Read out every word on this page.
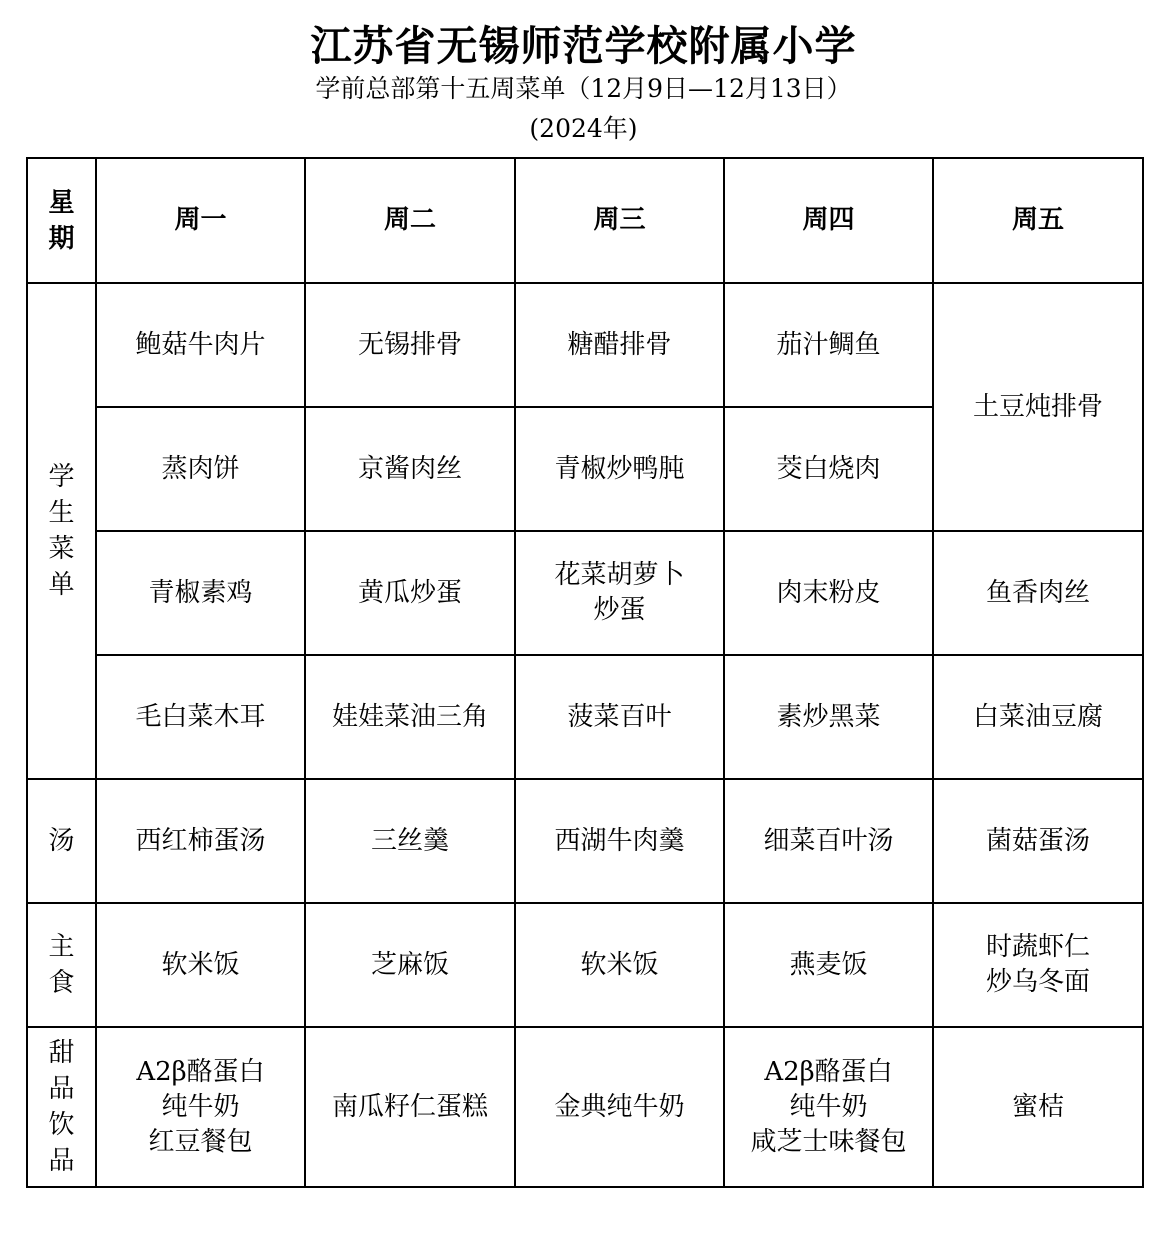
江苏省无锡师范学校附属小学
学前总部第十五周菜单（12月9日—12月13日）
(2024年)
星期	周一	周二	周三	周四	周五
学生菜单	鲍菇牛肉片	无锡排骨	糖醋排骨	茄汁鲷鱼	土豆炖排骨
	蒸肉饼	京酱肉丝	青椒炒鸭肫	茭白烧肉	
	青椒素鸡	黄瓜炒蛋	花菜胡萝卜
炒蛋	肉末粉皮	鱼香肉丝
	毛白菜木耳	娃娃菜油三角	菠菜百叶	素炒黑菜	白菜油豆腐
汤	西红柿蛋汤	三丝羹	西湖牛肉羹	细菜百叶汤	菌菇蛋汤
主食	软米饭	芝麻饭	软米饭	燕麦饭	时蔬虾仁
炒乌冬面

甜品饮品	A2β酪蛋白
纯牛奶
红豆餐包	南瓜籽仁蛋糕	金典纯牛奶	A2β酪蛋白
纯牛奶
咸芝士味餐包	蜜桔
